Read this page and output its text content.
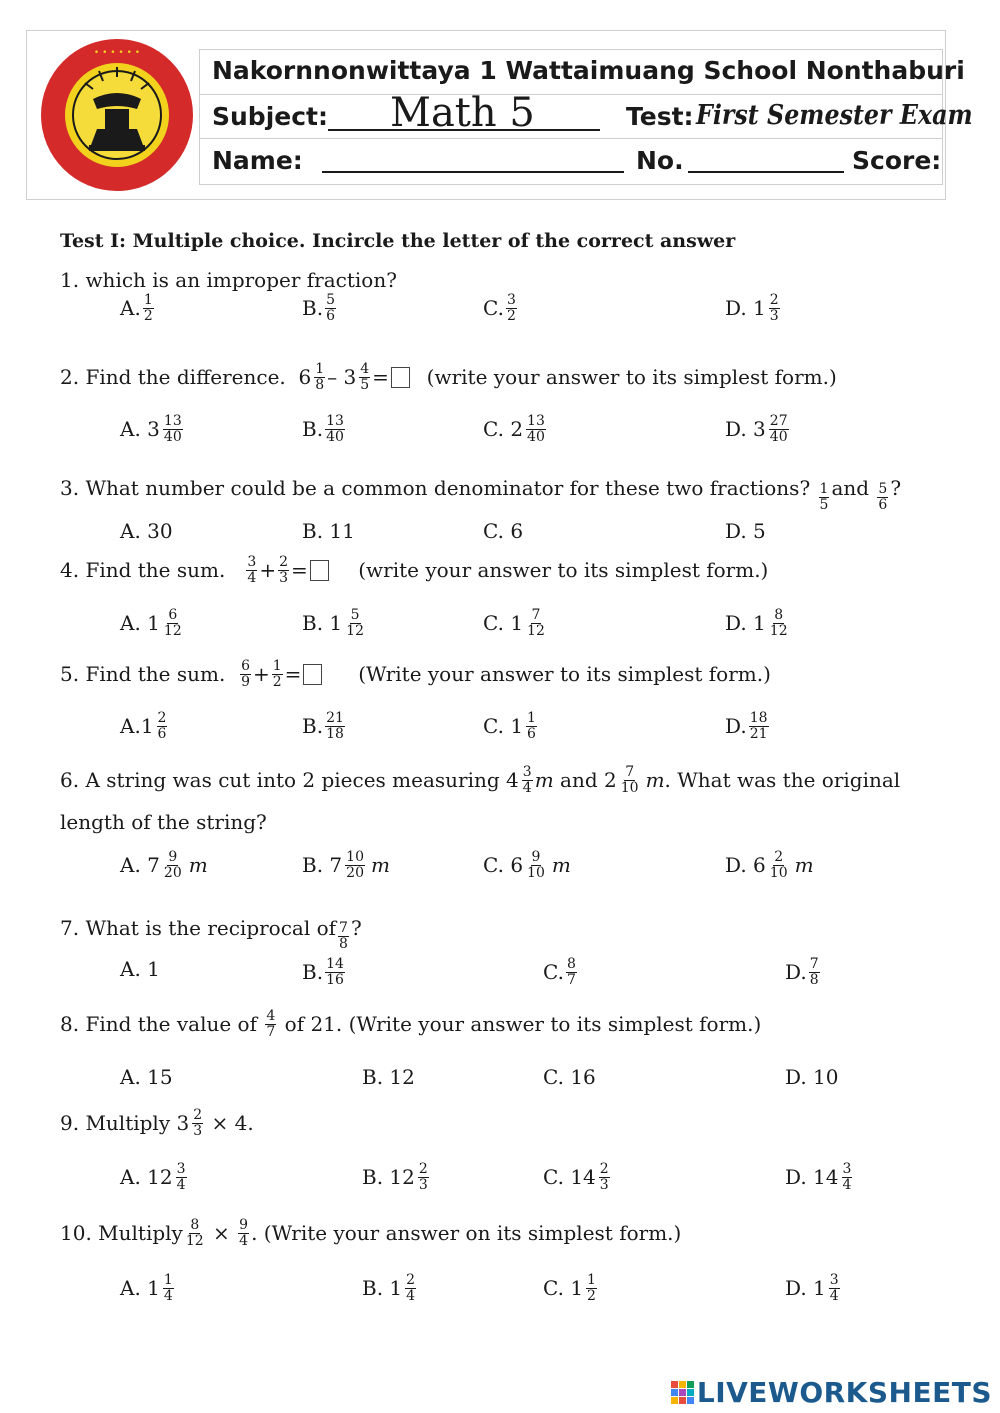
• • • • • •
Nakornnonwittaya 1 Wattaimuang School Nonthaburi
Subject: Math 5	Test: First Semester Exam
Name:	No.	Score:
Test I: Multiple choice. Incircle the letter of the correct answer
1. which is an improper fraction?
A. $\frac{1}{2}$	B. $\frac{5}{6}$	C. $\frac{3}{2}$	D.
$1 \frac{2}{3}$
2. Find the difference.
$6 \frac{1}{8}$ –
$3 \frac{4}{5}$ =
(write your answer to its simplest form.)
A.
$3 \frac{13}{40}$	B. $\frac{13}{40}$	C.
$2 \frac{13}{40}$	D.
$3 \frac{27}{40}$
3. What number could be a common denominator for these two fractions?
$\frac{1}{5}$ and
$\frac{5}{6}$ ?
A.
30	B.
11	C.
6	D.
5
4. Find the sum.
$\frac{3}{4} + \frac{2}{3}$ =
	(write your answer to its simplest form.)
A.
$1 \frac{6}{12}$	B.
$1 \frac{5}{12}$	C.
$1 \frac{7}{12}$	D.
$1 \frac{8}{12}$
5. Find the sum.
$\frac{6}{9} + \frac{1}{2}$ =
	(Write your answer to its simplest form.)
A. $1 \frac{2}{6}$	B. $\frac{21}{18}$	C.
$1 \frac{1}{6}$	D. $\frac{18}{21}$
6. A string was cut into 2 pieces measuring
$4 \frac{3}{4}$ m
and
$2 \frac{7}{10}$ m . What was the original
length of the string?
A.
$7 \frac{9}{20}$ m	B.
$7 \frac{10}{20}$ m	C.
$6 \frac{9}{10}$ m	D.
$6 \frac{2}{10}$ m
7. What is the reciprocal of $\frac{7}{8}$ ?
A.
1	B. $\frac{14}{16}$	C. $\frac{8}{7}$	D. $\frac{7}{8}$
8. Find the value of
$\frac{4}{7}$
of 21. (Write your answer to its simplest form.)
A.
15	B.
12	C.
16	D.
10
9. Multiply
$3 \frac{2}{3}$
×
4.
A.
$12 \frac{3}{4}$	B.
$12 \frac{2}{3}$	C.
$14 \frac{2}{3}$	D.
$14 \frac{3}{4}$
10. Multiply $\frac{8}{12}$
×
$\frac{9}{4}$ . (Write your answer on its simplest form.)
A.
$1 \frac{1}{4}$	B.
$1 \frac{2}{4}$	C.
$1 \frac{1}{2}$	D.
$1 \frac{3}{4}$
LIVEWORKSHEETS
